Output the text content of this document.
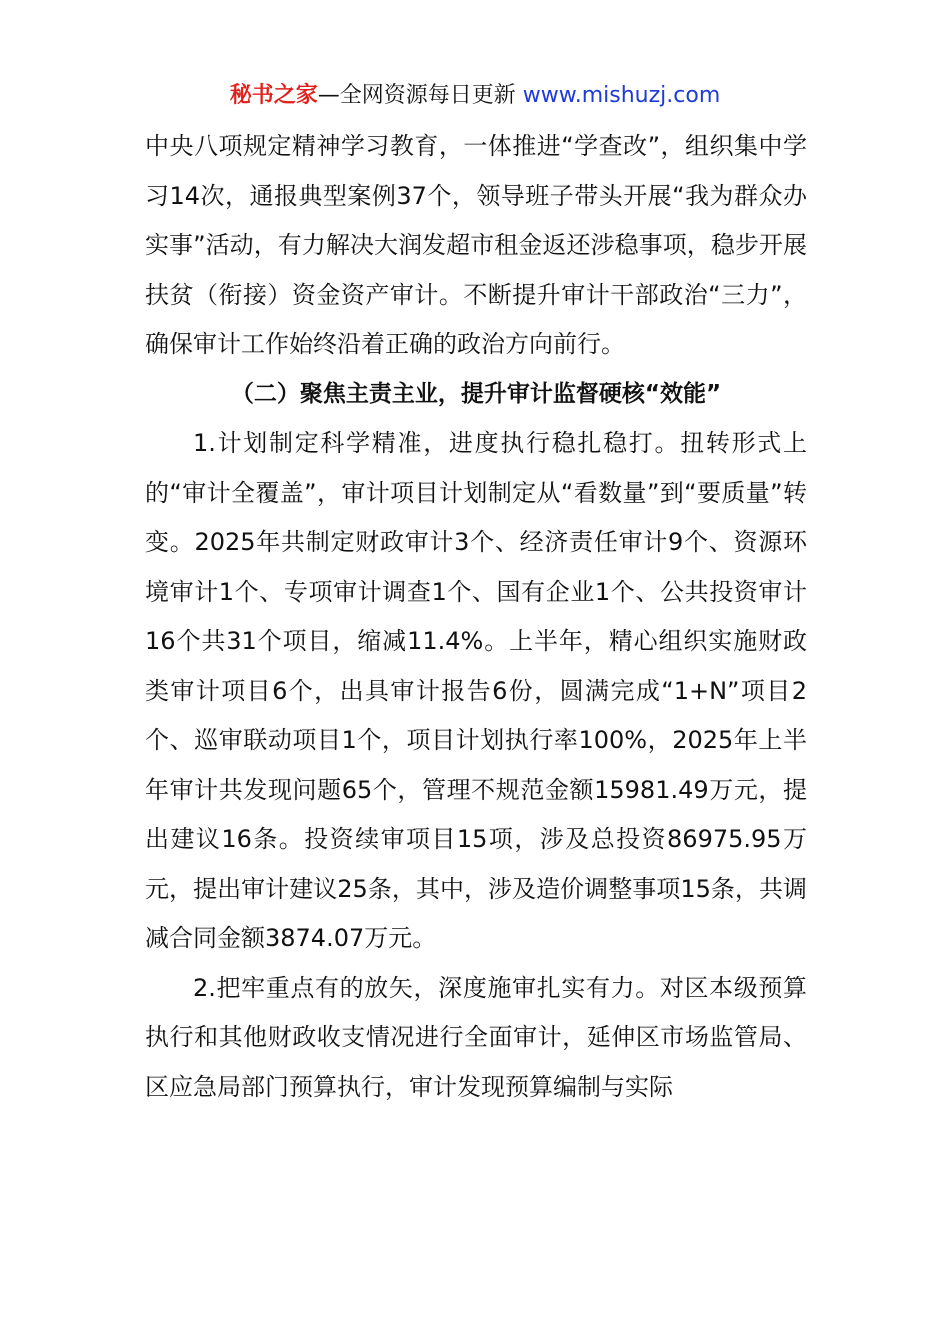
秘书之家—全网资源每日更新 www.mishuzj.com

中央八项规定精神学习教育，一体推进“学查改”，组织集中学习14次，通报典型案例37个，领导班子带头开展“我为群众办实事”活动，有力解决大润发超市租金返还涉稳事项，稳步开展扶贫（衔接）资金资产审计。不断提升审计干部政治“三力”，确保审计工作始终沿着正确的政治方向前行。

（二）聚焦主责主业，提升审计监督硬核“效能”

1.计划制定科学精准，进度执行稳扎稳打。扭转形式上的“审计全覆盖”，审计项目计划制定从“看数量”到“要质量”转变。2025年共制定财政审计3个、经济责任审计9个、资源环境审计1个、专项审计调查1个、国有企业1个、公共投资审计16个共31个项目，缩减11.4%。上半年，精心组织实施财政类审计项目6个，出具审计报告6份，圆满完成“1+N”项目2个、巡审联动项目1个，项目计划执行率100%，2025年上半年审计共发现问题65个，管理不规范金额15981.49万元，提出建议16条。投资续审项目15项，涉及总投资86975.95万元，提出审计建议25条，其中，涉及造价调整事项15条，共调减合同金额3874.07万元。

2.把牢重点有的放矢，深度施审扎实有力。对区本级预算执行和其他财政收支情况进行全面审计，延伸区市场监管局、区应急局部门预算执行，审计发现预算编制与实际
